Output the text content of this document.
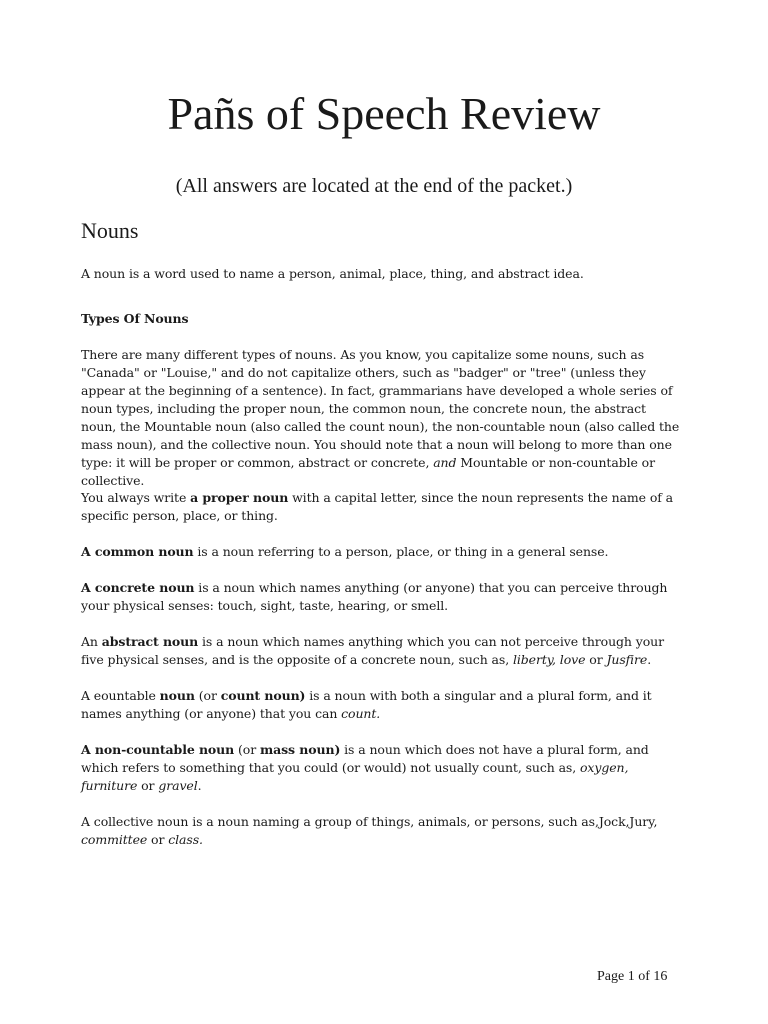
Pañs of Speech Review
(All answers are located at the end of the packet.)
Nouns

A noun is a word used to name a person, animal, place, thing, and abstract idea.

Types Of Nouns

There are many different types of nouns. As you know, you capitalize some nouns, such as "Canada" or "Louise," and do not capitalize others, such as "badger" or "tree" (unless they appear at the beginning of a sentence). In fact, grammarians have developed a whole series of noun types, including the proper noun, the common noun, the concrete noun, the abstract noun, the Mountable noun (also called the count noun), the non-countable noun (also called the mass noun), and the collective noun. You should note that a noun will belong to more than one type: it will be proper or common, abstract or concrete, and Mountable or non-countable or collective.

You always write a proper noun with a capital letter, since the noun represents the name of a specific person, place, or thing.

A common noun is a noun referring to a person, place, or thing in a general sense.

A concrete noun is a noun which names anything (or anyone) that you can perceive through your physical senses: touch, sight, taste, hearing, or smell.

An abstract noun is a noun which names anything which you can not perceive through your five physical senses, and is the opposite of a concrete noun, such as, liberty, love or Jusfire.

A eountable noun (or count noun) is a noun with both a singular and a plural form, and it names anything (or anyone) that you can count.

A non-countable noun (or mass noun) is a noun which does not have a plural form, and which refers to something that you could (or would) not usually count, such as, oxygen, furniture or gravel.

A collective noun is a noun naming a group of things, animals, or persons, such as,Jock,Jury, committee or class.

Page 1 of 16
